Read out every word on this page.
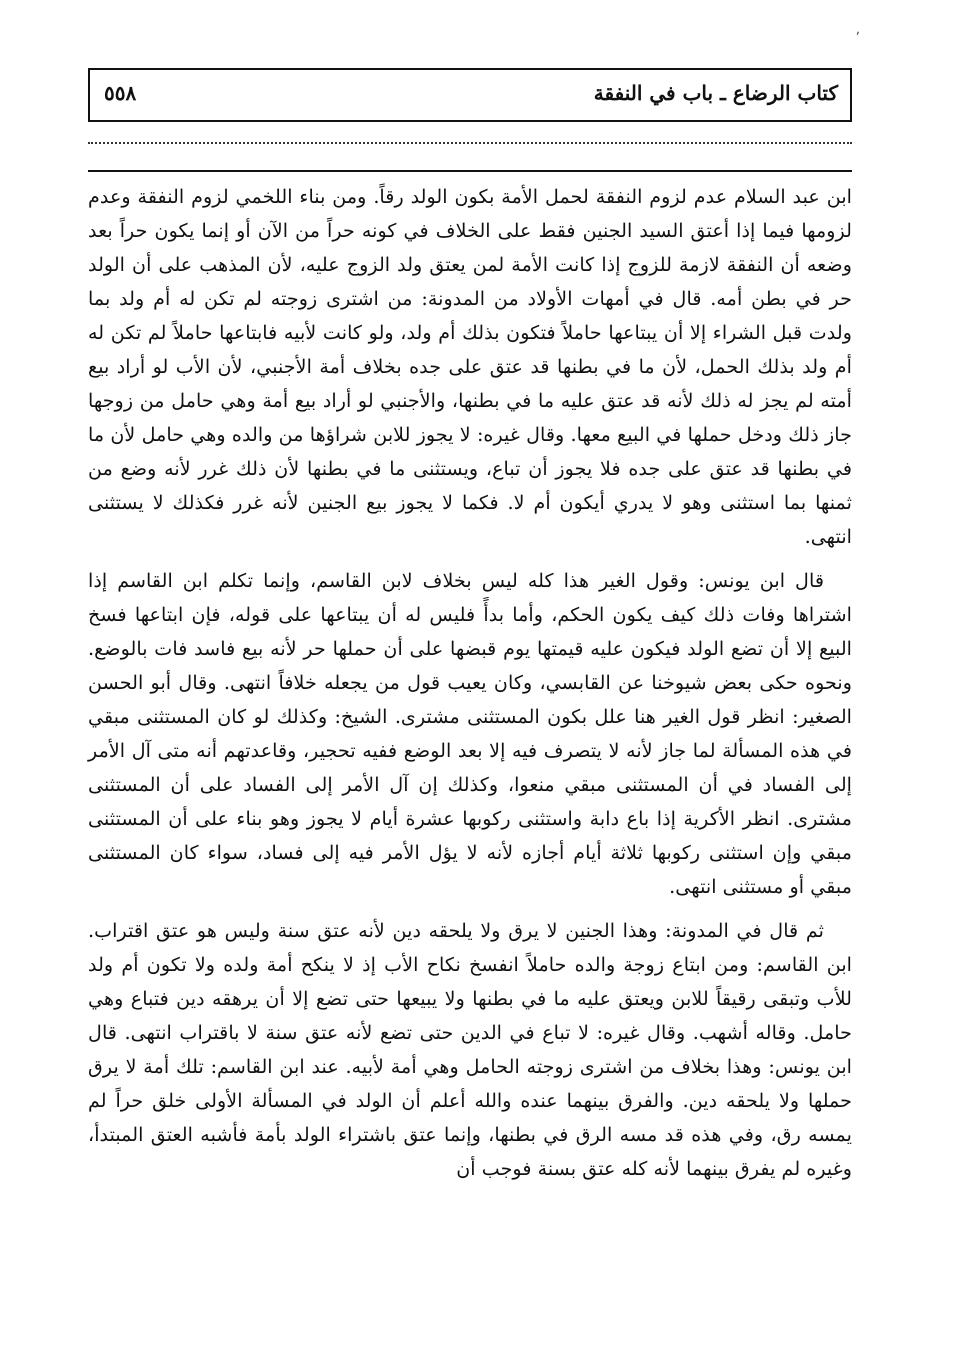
٬
كتاب الرضاع ـ باب في النفقة
٥٥٨

ابن عبد السلام عدم لزوم النفقة لحمل الأمة بكون الولد رقاً. ومن بناء اللخمي لزوم النفقة وعدم لزومها فيما إذا أعتق السيد الجنين فقط على الخلاف في كونه حراً من الآن أو إنما يكون حراً بعد وضعه أن النفقة لازمة للزوج إذا كانت الأمة لمن يعتق ولد الزوج عليه، لأن المذهب على أن الولد حر في بطن أمه. قال في أمهات الأولاد من المدونة: من اشترى زوجته لم تكن له أم ولد بما ولدت قبل الشراء إلا أن يبتاعها حاملاً فتكون بذلك أم ولد، ولو كانت لأبيه فابتاعها حاملاً لم تكن له أم ولد بذلك الحمل، لأن ما في بطنها قد عتق على جده بخلاف أمة الأجنبي، لأن الأب لو أراد بيع أمته لم يجز له ذلك لأنه قد عتق عليه ما في بطنها، والأجنبي لو أراد بيع أمة وهي حامل من زوجها جاز ذلك ودخل حملها في البيع معها. وقال غيره: لا يجوز للابن شراؤها من والده وهي حامل لأن ما في بطنها قد عتق على جده فلا يجوز أن تباع، ويستثنى ما في بطنها لأن ذلك غرر لأنه وضع من ثمنها بما استثنى وهو لا يدري أيكون أم لا. فكما لا يجوز بيع الجنين لأنه غرر فكذلك لا يستثنى انتهى.

قال ابن يونس: وقول الغير هذا كله ليس بخلاف لابن القاسم، وإنما تكلم ابن القاسم إذا اشتراها وفات ذلك كيف يكون الحكم، وأما بدأً فليس له أن يبتاعها على قوله، فإن ابتاعها فسخ البيع إلا أن تضع الولد فيكون عليه قيمتها يوم قبضها على أن حملها حر لأنه بيع فاسد فات بالوضع. ونحوه حكى بعض شيوخنا عن القابسي، وكان يعيب قول من يجعله خلافاً انتهى. وقال أبو الحسن الصغير: انظر قول الغير هنا علل بكون المستثنى مشترى. الشيخ: وكذلك لو كان المستثنى مبقي في هذه المسألة لما جاز لأنه لا يتصرف فيه إلا بعد الوضع ففيه تحجير، وقاعدتهم أنه متى آل الأمر إلى الفساد في أن المستثنى مبقي منعوا، وكذلك إن آل الأمر إلى الفساد على أن المستثنى مشترى. انظر الأكرية إذا باع دابة واستثنى ركوبها عشرة أيام لا يجوز وهو بناء على أن المستثنى مبقي وإن استثنى ركوبها ثلاثة أيام أجازه لأنه لا يؤل الأمر فيه إلى فساد، سواء كان المستثنى مبقي أو مستثنى انتهى.

ثم قال في المدونة: وهذا الجنين لا يرق ولا يلحقه دين لأنه عتق سنة وليس هو عتق اقتراب. ابن القاسم: ومن ابتاع زوجة والده حاملاً انفسخ نكاح الأب إذ لا ينكح أمة ولده ولا تكون أم ولد للأب وتبقى رقيقاً للابن ويعتق عليه ما في بطنها ولا يبيعها حتى تضع إلا أن يرهقه دين فتباع وهي حامل. وقاله أشهب. وقال غيره: لا تباع في الدين حتى تضع لأنه عتق سنة لا باقتراب انتهى. قال ابن يونس: وهذا بخلاف من اشترى زوجته الحامل وهي أمة لأبيه. عند ابن القاسم: تلك أمة لا يرق حملها ولا يلحقه دين. والفرق بينهما عنده والله أعلم أن الولد في المسألة الأولى خلق حراً لم يمسه رق، وفي هذه قد مسه الرق في بطنها، وإنما عتق باشتراء الولد بأمة فأشبه العتق المبتدأ، وغيره لم يفرق بينهما لأنه كله عتق بسنة فوجب أن
